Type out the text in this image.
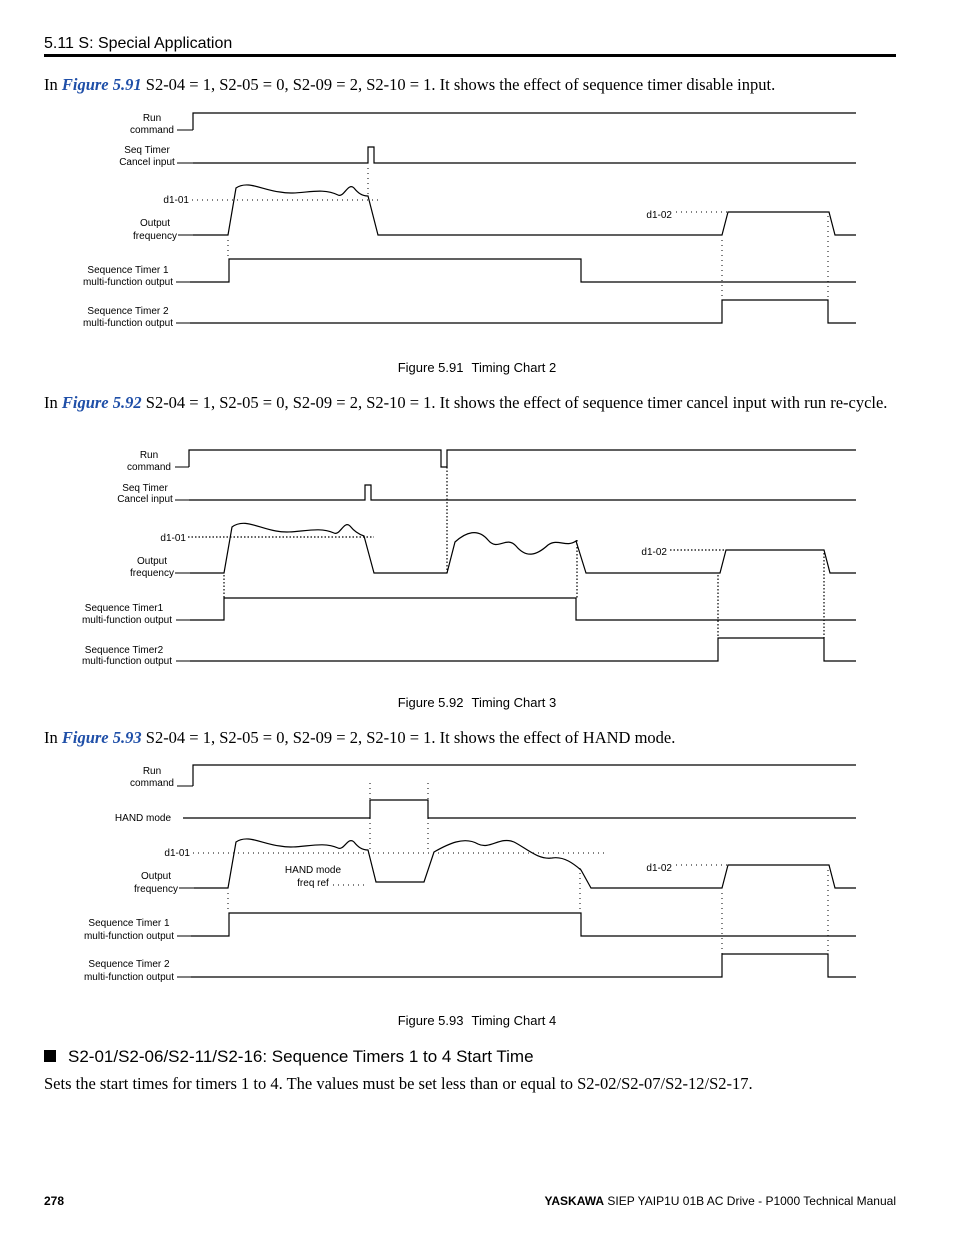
5.11 S: Special Application
In Figure 5.91 S2-04 = 1, S2-05 = 0, S2-09 = 2, S2-10 = 1. It shows the effect of sequence timer disable input.
Run
command
Seq Timer
Cancel input
d1-01
Output
frequency
d1-02
Sequence Timer 1
multi-function output
Sequence Timer 2
multi-function output
Figure 5.91 Timing Chart 2
In Figure 5.92 S2-04 = 1, S2-05 = 0, S2-09 = 2, S2-10 = 1. It shows the effect of sequence timer cancel input with run re-cycle.
Run
command
Seq Timer
Cancel input
d1-01
Output
frequency
d1-02
Sequence Timer1
multi-function output
Sequence Timer2
multi-function output
Figure 5.92 Timing Chart 3
In Figure 5.93 S2-04 = 1, S2-05 = 0, S2-09 = 2, S2-10 = 1. It shows the effect of HAND mode.
Run
command
HAND mode
d1-01
Output
frequency
HAND mode
freq ref
d1-02
Sequence Timer 1
multi-function output
Sequence Timer 2
multi-function output
Figure 5.93 Timing Chart 4
S2-01/S2-06/S2-11/S2-16: Sequence Timers 1 to 4 Start Time
Sets the start times for timers 1 to 4. The values must be set less than or equal to S2-02/S2-07/S2-12/S2-17.
278	YASKAWA SIEP YAIP1U 01B AC Drive - P1000 Technical Manual
